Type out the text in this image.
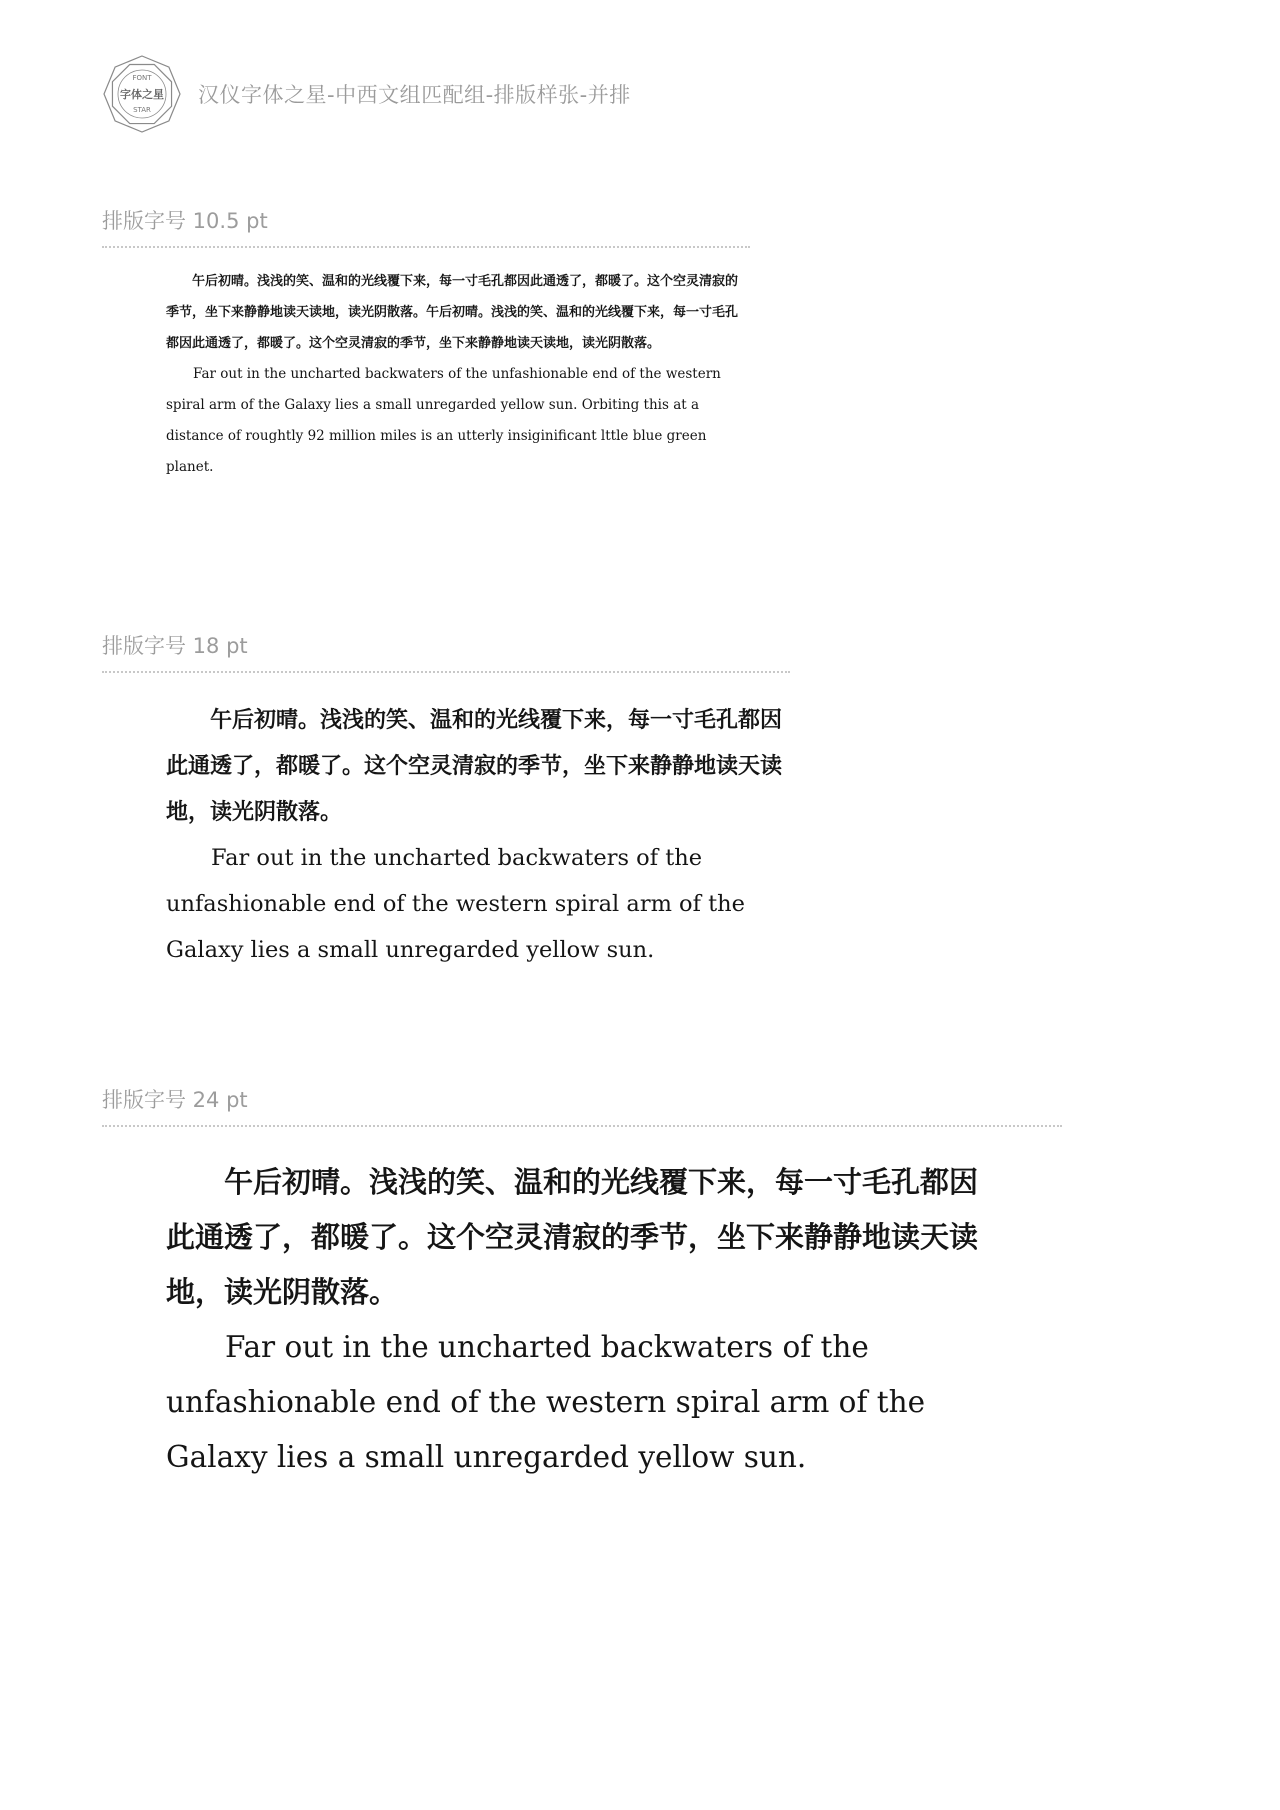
FONT
字体之星
STAR
汉仪字体之星-中西文组匹配组-排版样张-并排
排版字号 10.5 pt

午后初晴。浅浅的笑、温和的光线覆下来，每一寸毛孔都因此通透了，都暖了。这个空灵清寂的季节，坐下来静静地读天读地，读光阴散落。午后初晴。浅浅的笑、温和的光线覆下来，每一寸毛孔都因此通透了，都暖了。这个空灵清寂的季节，坐下来静静地读天读地，读光阴散落。

Far out in the uncharted backwaters of the unfashionable end of the western spiral arm of the Galaxy lies a small unregarded yellow sun. Orbiting this at a distance of roughtly 92 million miles is an utterly insiginificant lttle blue green planet.

排版字号 18 pt

午后初晴。浅浅的笑、温和的光线覆下来，每一寸毛孔都因此通透了，都暖了。这个空灵清寂的季节，坐下来静静地读天读地，读光阴散落。

Far out in the uncharted backwaters of the unfashionable end of the western spiral arm of the Galaxy lies a small unregarded yellow sun.

排版字号 24 pt

午后初晴。浅浅的笑、温和的光线覆下来，每一寸毛孔都因此通透了，都暖了。这个空灵清寂的季节，坐下来静静地读天读地，读光阴散落。

Far out in the uncharted backwaters of the unfashionable end of the western spiral arm of the Galaxy lies a small unregarded yellow sun.
